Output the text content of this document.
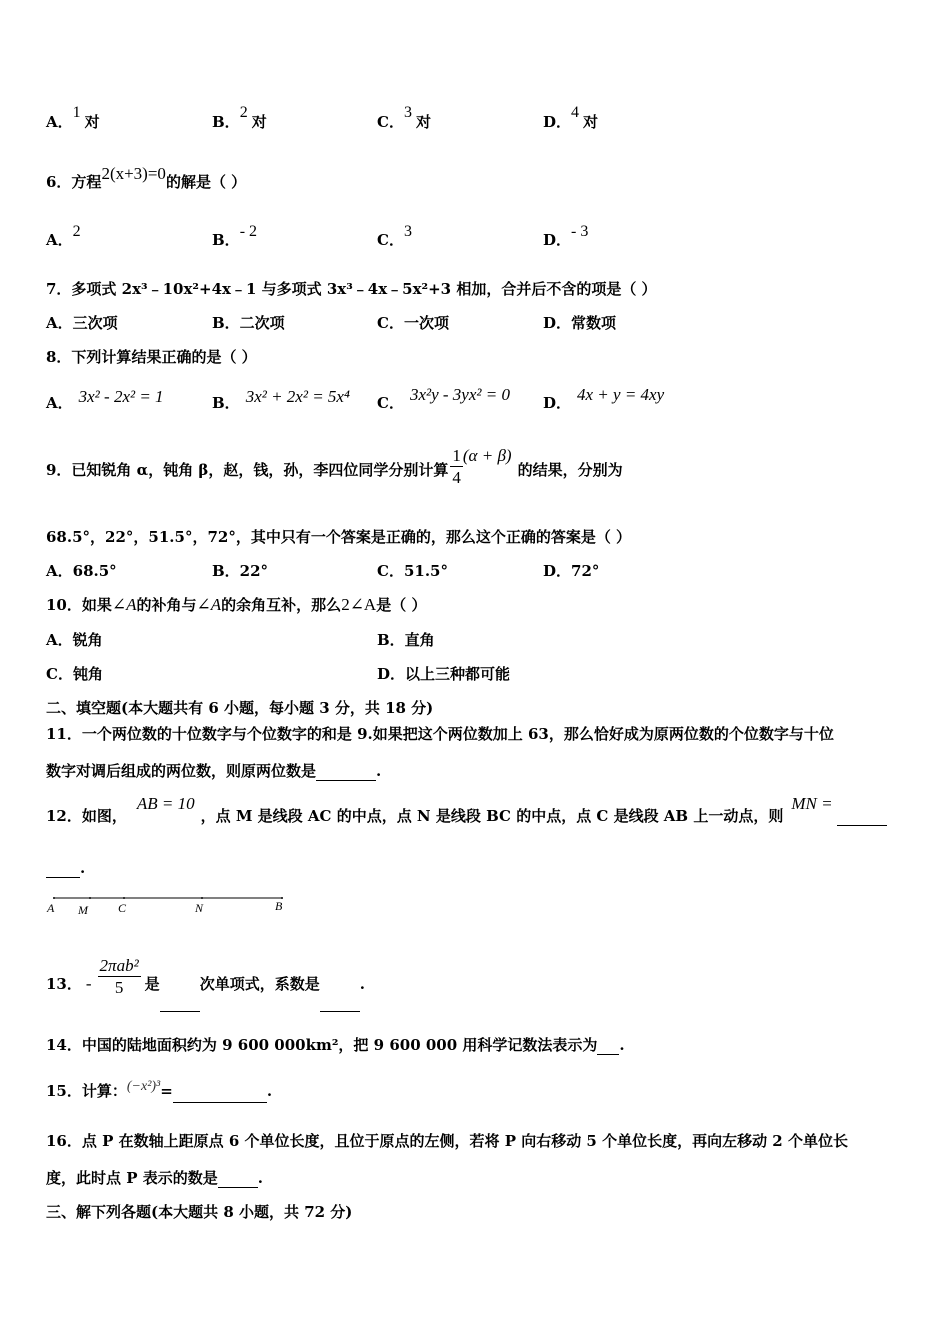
A．1对	B．2对	C．3对	D．4对
6．方程2(x+3)=0的解是（ ）
A．2	B．- 2	C．3	D．- 3
7．多项式 2x³﹣10x²+4x﹣1 与多项式 3x³﹣4x﹣5x²+3 相加，合并后不含的项是（ ）
A．三次项	B．二次项	C．一次项	D．常数项
8．下列计算结果正确的是（ ）
A． 3x² - 2x² = 1	B． 3x² + 2x² = 5x⁴ C． 3x²y - 3yx² = 0 D． 4x + y = 4xy
9．已知锐角 α，钝角 β，赵，钱，孙，李四位同学分别计算 $\frac{1}{4} (\alpha + \beta)$的结果，分别为
68.5°，22°，51.5°，72°，其中只有一个答案是正确的，那么这个正确的答案是（ ）
A．68.5°	B．22°	C．51.5°	D．72°
10．如果∠A的补角与∠A的余角互补，那么2∠A是（ ）
A．锐角	B．直角
C．钝角	D．以上三种都可能
二、填空题(本大题共有 6 小题，每小题 3 分，共 18 分)
11．一个两位数的十位数字与个位数字的和是 9.如果把这个两位数加上 63，那么恰好成为原两位数的个位数字与十位
数字对调后组成的两位数，则原两位数是	.
12．如图，AB = 10，点 M 是线段 AC 的中点，点 N 是线段 BC 的中点，点 C 是线段 AB 上一动点，则MN =
.
A M	C	N	B
13． - $\frac{\text{2πab²}}{5}$ 是	次单项式，系数是	.
14．中国的陆地面积约为 9 600 000km²，把 9 600 000 用科学记数法表示为 .
15．计算：(−x²)³=	.
16．点 P 在数轴上距原点 6 个单位长度，且位于原点的左侧，若将 P 向右移动 5 个单位长度，再向左移动 2 个单位长
度，此时点 P 表示的数是	.
三、解下列各题(本大题共 8 小题，共 72 分)
